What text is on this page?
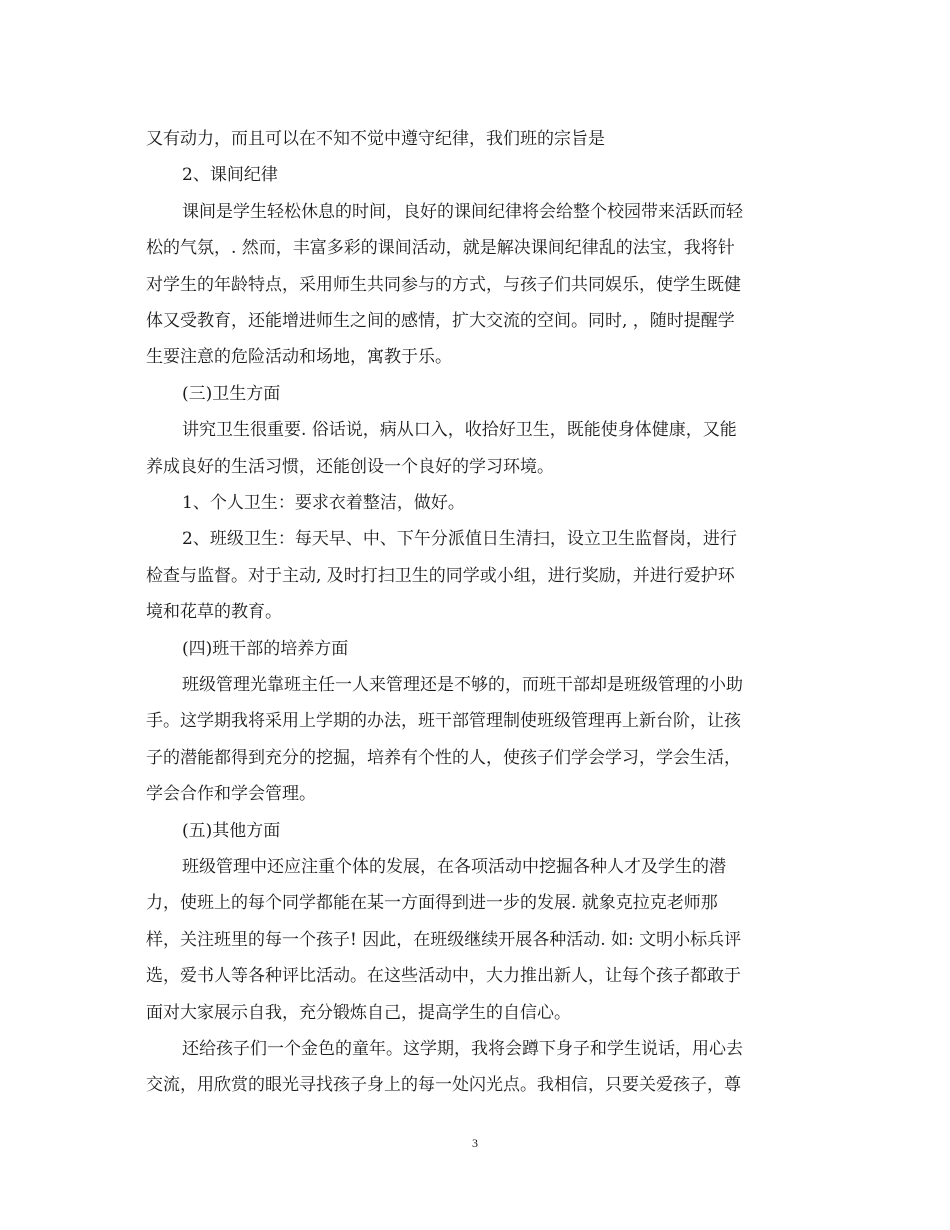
又有动力，而且可以在不知不觉中遵守纪律，我们班的宗旨是
2、课间纪律
课间是学生轻松休息的时间，良好的课间纪律将会给整个校园带来活跃而轻
松的气氛，. 然而，丰富多彩的课间活动，就是解决课间纪律乱的法宝，我将针
对学生的年龄特点，采用师生共同参与的方式，与孩子们共同娱乐，使学生既健
体又受教育，还能增进师生之间的感情，扩大交流的空间。同时, ，随时提醒学
生要注意的危险活动和场地，寓教于乐。
(三)卫生方面
讲究卫生很重要. 俗话说，病从口入，收拾好卫生，既能使身体健康，又能
养成良好的生活习惯，还能创设一个良好的学习环境。
1、个人卫生：要求衣着整洁，做好。
2、班级卫生：每天早、中、下午分派值日生清扫，设立卫生监督岗，进行
检查与监督。对于主动, 及时打扫卫生的同学或小组，进行奖励，并进行爱护环
境和花草的教育。
(四)班干部的培养方面
班级管理光靠班主任一人来管理还是不够的，而班干部却是班级管理的小助
手。这学期我将采用上学期的办法，班干部管理制使班级管理再上新台阶，让孩
子的潜能都得到充分的挖掘，培养有个性的人，使孩子们学会学习，学会生活，
学会合作和学会管理。
(五)其他方面
班级管理中还应注重个体的发展，在各项活动中挖掘各种人才及学生的潜
力，使班上的每个同学都能在某一方面得到进一步的发展. 就象克拉克老师那
样，关注班里的每一个孩子! 因此，在班级继续开展各种活动. 如: 文明小标兵评
选，爱书人等各种评比活动。在这些活动中，大力推出新人，让每个孩子都敢于
面对大家展示自我，充分锻炼自己，提高学生的自信心。
还给孩子们一个金色的童年。这学期，我将会蹲下身子和学生说话，用心去
交流，用欣赏的眼光寻找孩子身上的每一处闪光点。我相信，只要关爱孩子，尊
3
